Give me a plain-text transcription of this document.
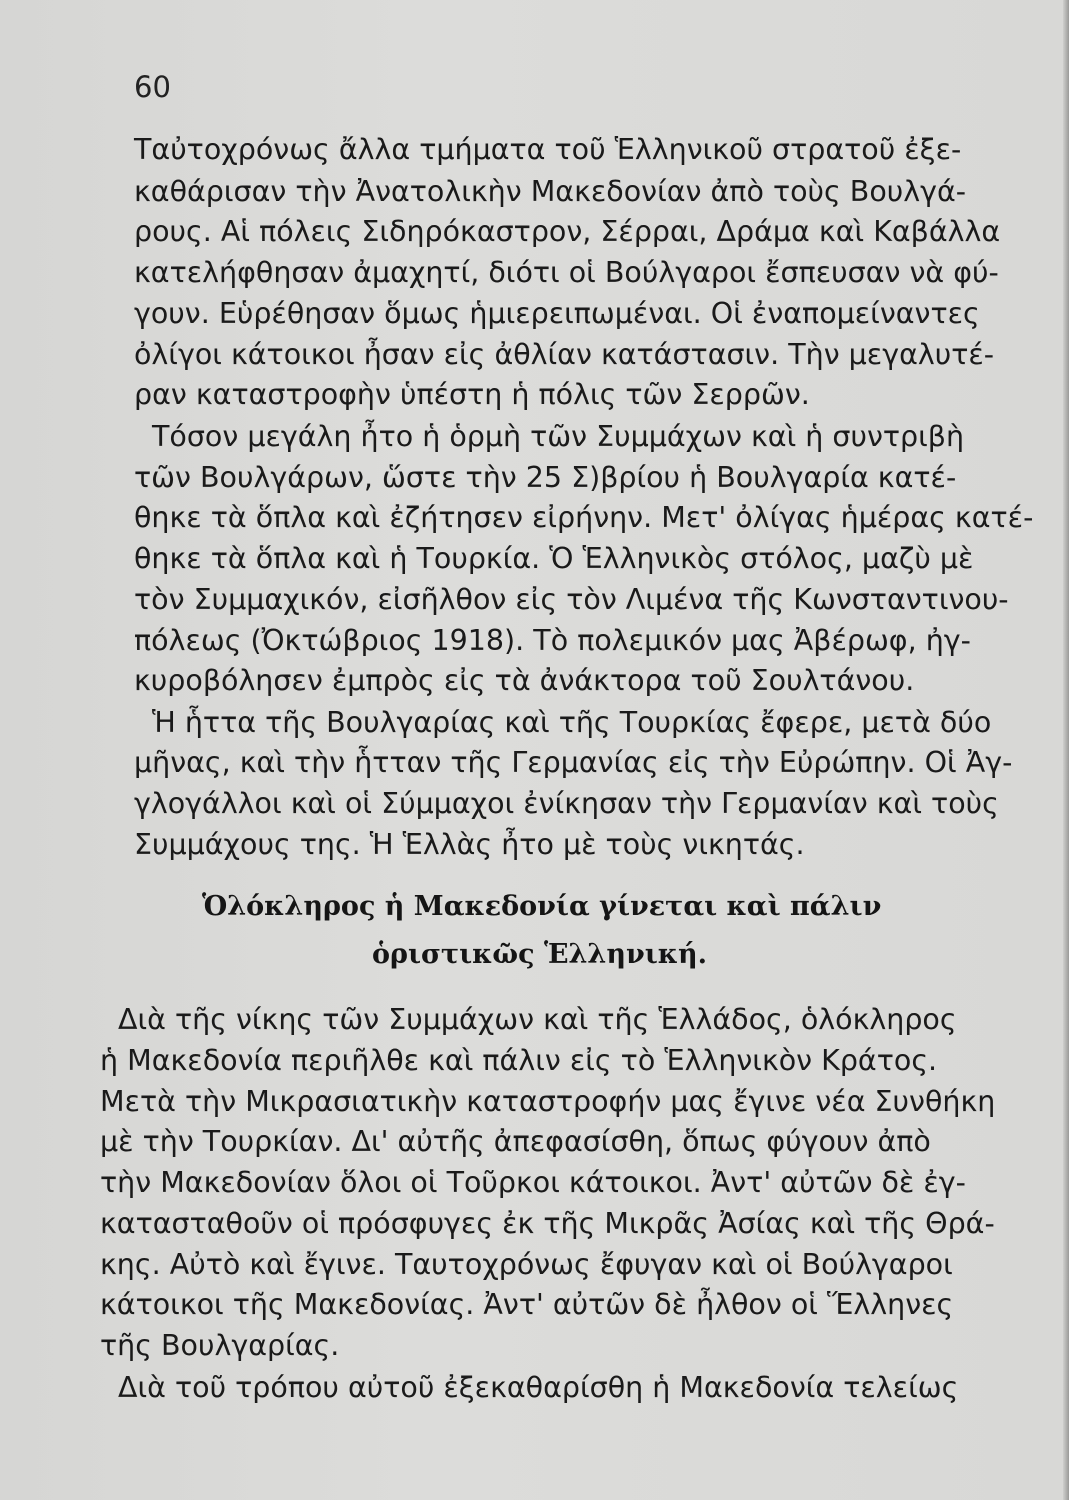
60
Ταὐτοχρόνως ἄλλα τμήματα τοῦ Ἑλληνικοῦ στρατοῦ ἐξε-
καθάρισαν τὴν Ἀνατολικὴν Μακεδονίαν ἀπὸ τοὺς Βουλγά-
ρους. Αἱ πόλεις Σιδηρόκαστρον, Σέρραι, Δράμα καὶ Καβάλλα
κατελήφθησαν ἀμαχητί, διότι οἱ Βούλγαροι ἔσπευσαν νὰ φύ-
γουν. Εὑρέθησαν ὅμως ἡμιερειπωμέναι. Οἱ ἐναπομείναντες
ὀλίγοι κάτοικοι ἦσαν εἰς ἀθλίαν κατάστασιν. Τὴν μεγαλυτέ-
ραν καταστροφὴν ὑπέστη ἡ πόλις τῶν Σερρῶν.
Τόσον μεγάλη ἦτο ἡ ὁρμὴ τῶν Συμμάχων καὶ ἡ συντριβὴ
τῶν Βουλγάρων, ὥστε τὴν 25 Σ)βρίου ἡ Βουλγαρία κατέ-
θηκε τὰ ὅπλα καὶ ἐζήτησεν εἰρήνην. Μετ' ὀλίγας ἡμέρας κατέ-
θηκε τὰ ὅπλα καὶ ἡ Τουρκία. Ὁ Ἑλληνικὸς στόλος, μαζὺ μὲ
τὸν Συμμαχικόν, εἰσῆλθον εἰς τὸν Λιμένα τῆς Κωνσταντινου-
πόλεως (Ὀκτώβριος 1918). Τὸ πολεμικόν μας Ἀβέρωφ, ἠγ-
κυροβόλησεν ἐμπρὸς εἰς τὰ ἀνάκτορα τοῦ Σουλτάνου.
Ἡ ἧττα τῆς Βουλγαρίας καὶ τῆς Τουρκίας ἔφερε, μετὰ δύο
μῆνας, καὶ τὴν ἧτταν τῆς Γερμανίας εἰς τὴν Εὐρώπην. Οἱ Ἀγ-
γλογάλλοι καὶ οἱ Σύμμαχοι ἐνίκησαν τὴν Γερμανίαν καὶ τοὺς
Συμμάχους της. Ἡ Ἑλλὰς ἦτο μὲ τοὺς νικητάς.
Ὁλόκληρος ἡ Μακεδονία γίνεται καὶ πάλιν
ὁριστικῶς Ἑλληνική.
Διὰ τῆς νίκης τῶν Συμμάχων καὶ τῆς Ἑλλάδος, ὁλόκληρος
ἡ Μακεδονία περιῆλθε καὶ πάλιν εἰς τὸ Ἑλληνικὸν Κράτος.
Μετὰ τὴν Μικρασιατικὴν καταστροφήν μας ἔγινε νέα Συνθήκη
μὲ τὴν Τουρκίαν. Δι' αὐτῆς ἀπεφασίσθη, ὅπως φύγουν ἀπὸ
τὴν Μακεδονίαν ὅλοι οἱ Τοῦρκοι κάτοικοι. Ἀντ' αὐτῶν δὲ ἐγ-
κατασταθοῦν οἱ πρόσφυγες ἐκ τῆς Μικρᾶς Ἀσίας καὶ τῆς Θρά-
κης. Αὐτὸ καὶ ἔγινε. Ταυτοχρόνως ἔφυγαν καὶ οἱ Βούλγαροι
κάτοικοι τῆς Μακεδονίας. Ἀντ' αὐτῶν δὲ ἦλθον οἱ Ἕλληνες
τῆς Βουλγαρίας.
Διὰ τοῦ τρόπου αὐτοῦ ἐξεκαθαρίσθη ἡ Μακεδονία τελείως
